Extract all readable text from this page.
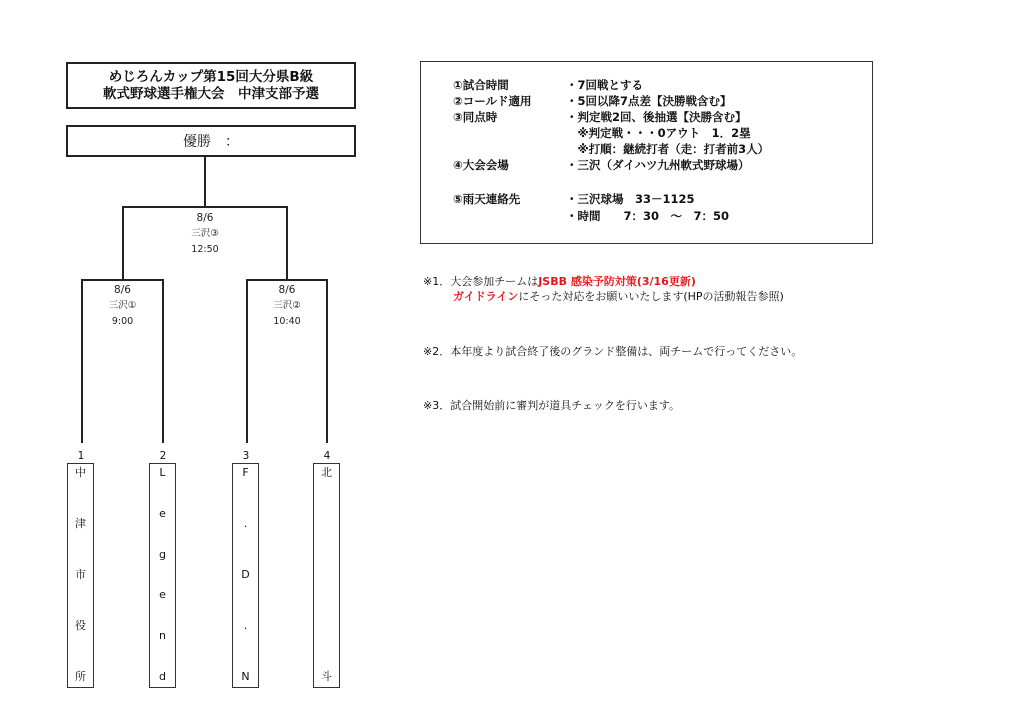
めじろんカップ第15回大分県B級
軟式野球選手権大会　中津支部予選
優勝　：
8/6
三沢③
12:50
8/6
三沢①
9:00
8/6
三沢②
10:40
1	2	3	4
中
津
市
役
所
L
e
g
e
n
d
F
.
D
.
N
北
斗
①試合時間	・7回戦とする
②コールド適用	・5回以降7点差【決勝戦含む】
③同点時	・判定戦2回、後抽選【決勝含む】
　※判定戦・・・0アウト　1．2塁
　※打順：継続打者（走：打者前3人）
④大会会場	・三沢（ダイハツ九州軟式野球場）
⑤雨天連絡先	・三沢球場　33－1125
・時間　　7：30　～　7：50
※1．大会参加チームはJSBB 感染予防対策(3/16更新)
ガイドラインにそった対応をお願いいたします(HPの活動報告参照)
※2．本年度より試合終了後のグランド整備は、両チームで行ってください。
※3．試合開始前に審判が道具チェックを行います。
